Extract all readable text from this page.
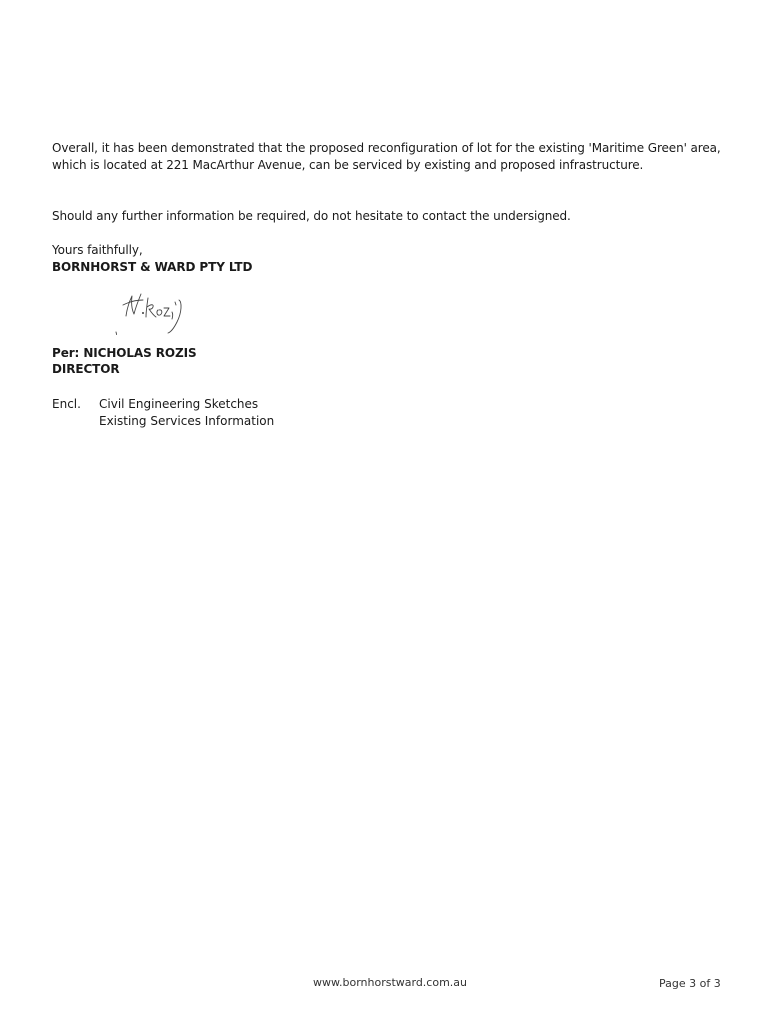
Overall, it has been demonstrated that the proposed reconfiguration of lot for the existing 'Maritime Green' area,
which is located at 221 MacArthur Avenue, can be serviced by existing and proposed infrastructure.
Should any further information be required, do not hesitate to contact the undersigned.
Yours faithfully,
BORNHORST & WARD PTY LTD
Per: NICHOLAS ROZIS
DIRECTOR
Encl. Civil Engineering Sketches
Existing Services Information
www.bornhorstward.com.au	Page 3 of 3
